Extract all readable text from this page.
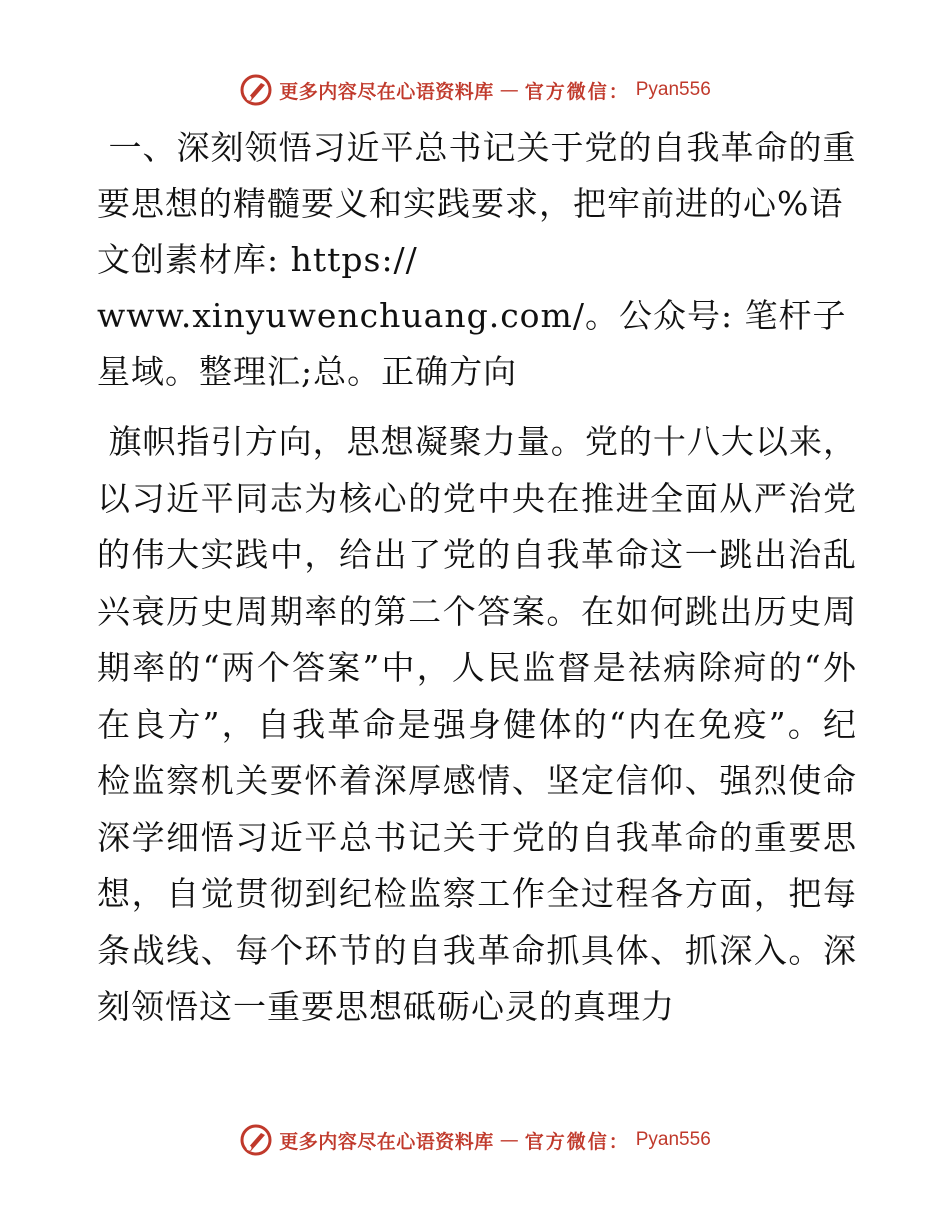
更多内容尽在心语资料库 — 官方微信： Pyan556

一、深刻领悟习近平总书记关于党的自我革命的重要思想的精髓要义和实践要求，把牢前进的心%语文创素材库: https://
www.xinyuwenchuang.com/。公众号: 笔杆子星域。整理汇;总。正确方向

旗帜指引方向，思想凝聚力量。党的十八大以来，以习近平同志为核心的党中央在推进全面从严治党的伟大实践中，给出了党的自我革命这一跳出治乱兴衰历史周期率的第二个答案。在如何跳出历史周期率的“两个答案”中，人民监督是祛病除疴的“外在良方”，自我革命是强身健体的“内在免疫”。纪检监察机关要怀着深厚感情、坚定信仰、强烈使命深学细悟习近平总书记关于党的自我革命的重要思想，自觉贯彻到纪检监察工作全过程各方面，把每条战线、每个环节的自我革命抓具体、抓深入。深刻领悟这一重要思想砥砺心灵的真理力

更多内容尽在心语资料库 — 官方微信： Pyan556
